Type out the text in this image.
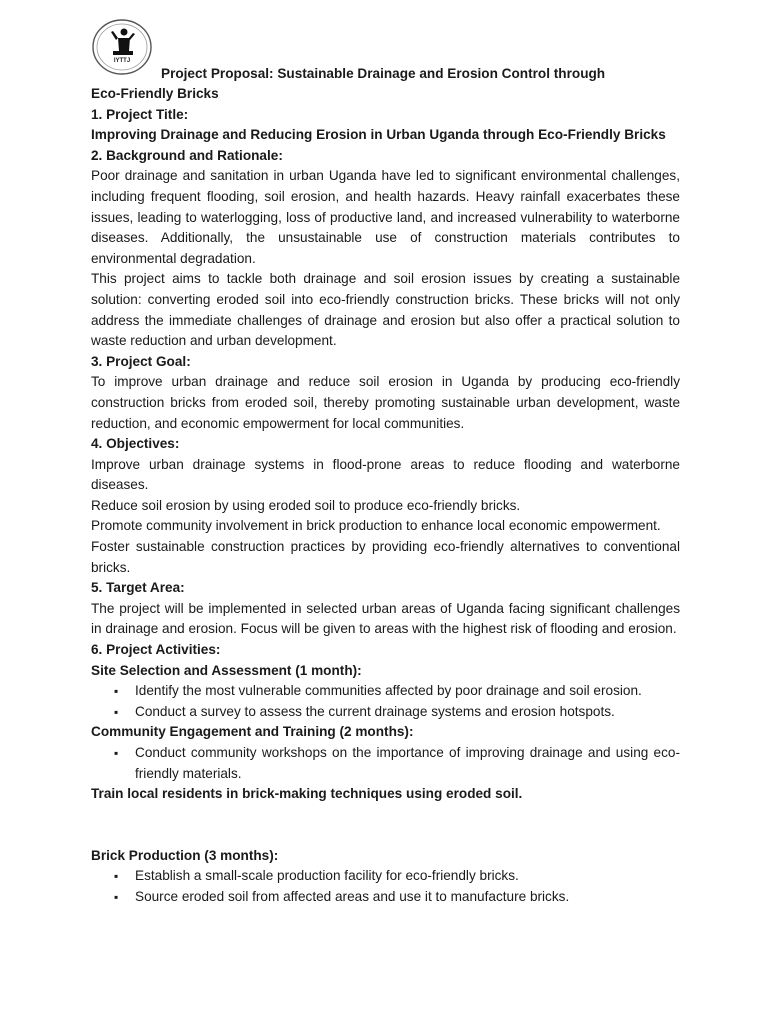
IYTTJ
Project Proposal: Sustainable Drainage and Erosion Control through

Eco-Friendly Bricks

1. Project Title:

Improving Drainage and Reducing Erosion in Urban Uganda through Eco-Friendly Bricks

2. Background and Rationale:

Poor drainage and sanitation in urban Uganda have led to significant environmental challenges, including frequent flooding, soil erosion, and health hazards. Heavy rainfall exacerbates these issues, leading to waterlogging, loss of productive land, and increased vulnerability to waterborne diseases. Additionally, the unsustainable use of construction materials contributes to environmental degradation.

This project aims to tackle both drainage and soil erosion issues by creating a sustainable solution: converting eroded soil into eco-friendly construction bricks. These bricks will not only address the immediate challenges of drainage and erosion but also offer a practical solution to waste reduction and urban development.

3. Project Goal:

To improve urban drainage and reduce soil erosion in Uganda by producing eco-friendly construction bricks from eroded soil, thereby promoting sustainable urban development, waste reduction, and economic empowerment for local communities.

4. Objectives:

Improve urban drainage systems in flood-prone areas to reduce flooding and waterborne diseases.

Reduce soil erosion by using eroded soil to produce eco-friendly bricks.

Promote community involvement in brick production to enhance local economic empowerment.

Foster sustainable construction practices by providing eco-friendly alternatives to conventional bricks.

5. Target Area:

The project will be implemented in selected urban areas of Uganda facing significant challenges in drainage and erosion. Focus will be given to areas with the highest risk of flooding and erosion.

6. Project Activities:

Site Selection and Assessment (1 month):

▪ Identify the most vulnerable communities affected by poor drainage and soil erosion.
▪ Conduct a survey to assess the current drainage systems and erosion hotspots.

Community Engagement and Training (2 months):

▪ Conduct community workshops on the importance of improving drainage and using eco-friendly materials.

Train local residents in brick-making techniques using eroded soil.

Brick Production (3 months):

▪ Establish a small-scale production facility for eco-friendly bricks.
▪ Source eroded soil from affected areas and use it to manufacture bricks.
